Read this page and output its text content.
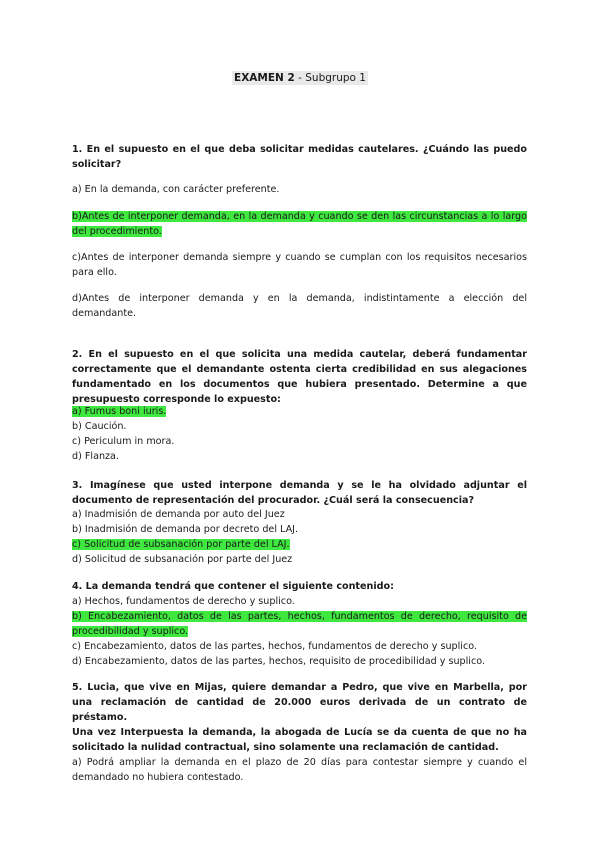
EXAMEN 2 - Subgrupo 1
1. En el supuesto en el que deba solicitar medidas cautelares. ¿Cuándo las puedo solicitar?
a) En la demanda, con carácter preferente.
b)Antes de interponer demanda, en la demanda y cuando se den las circunstancias a lo largo del procedimiento.
c)Antes de interponer demanda siempre y cuando se cumplan con los requisitos necesarios para ello.
d)Antes de interponer demanda y en la demanda, indistintamente a elección del demandante.
2. En el supuesto en el que solicita una medida cautelar, deberá fundamentar correctamente que el demandante ostenta cierta credibilidad en sus alegaciones fundamentado en los documentos que hubiera presentado. Determine a que presupuesto corresponde lo expuesto:
a) Fumus boni iuris.
b) Caución.
c) Periculum in mora.
d) Flanza.
3. Imagínese que usted interpone demanda y se le ha olvidado adjuntar el documento de representación del procurador. ¿Cuál será la consecuencia?
a) Inadmisión de demanda por auto del Juez
b) Inadmisión de demanda por decreto del LAJ.
c) Solicitud de subsanación por parte del LAJ.
d) Solicitud de subsanación por parte del Juez
4. La demanda tendrá que contener el siguiente contenido:
a) Hechos, fundamentos de derecho y suplico.
b) Encabezamiento, datos de las partes, hechos, fundamentos de derecho, requisito de procedibilidad y suplico.
c) Encabezamiento, datos de las partes, hechos, fundamentos de derecho y suplico.
d) Encabezamiento, datos de las partes, hechos, requisito de procedibilidad y suplico.
5. Lucia, que vive en Mijas, quiere demandar a Pedro, que vive en Marbella, por una reclamación de cantidad de 20.000 euros derivada de un contrato de préstamo.
Una vez Interpuesta la demanda, la abogada de Lucía se da cuenta de que no ha solicitado la nulidad contractual, sino solamente una reclamación de cantidad.
a) Podrá ampliar la demanda en el plazo de 20 días para contestar siempre y cuando el demandado no hubiera contestado.
